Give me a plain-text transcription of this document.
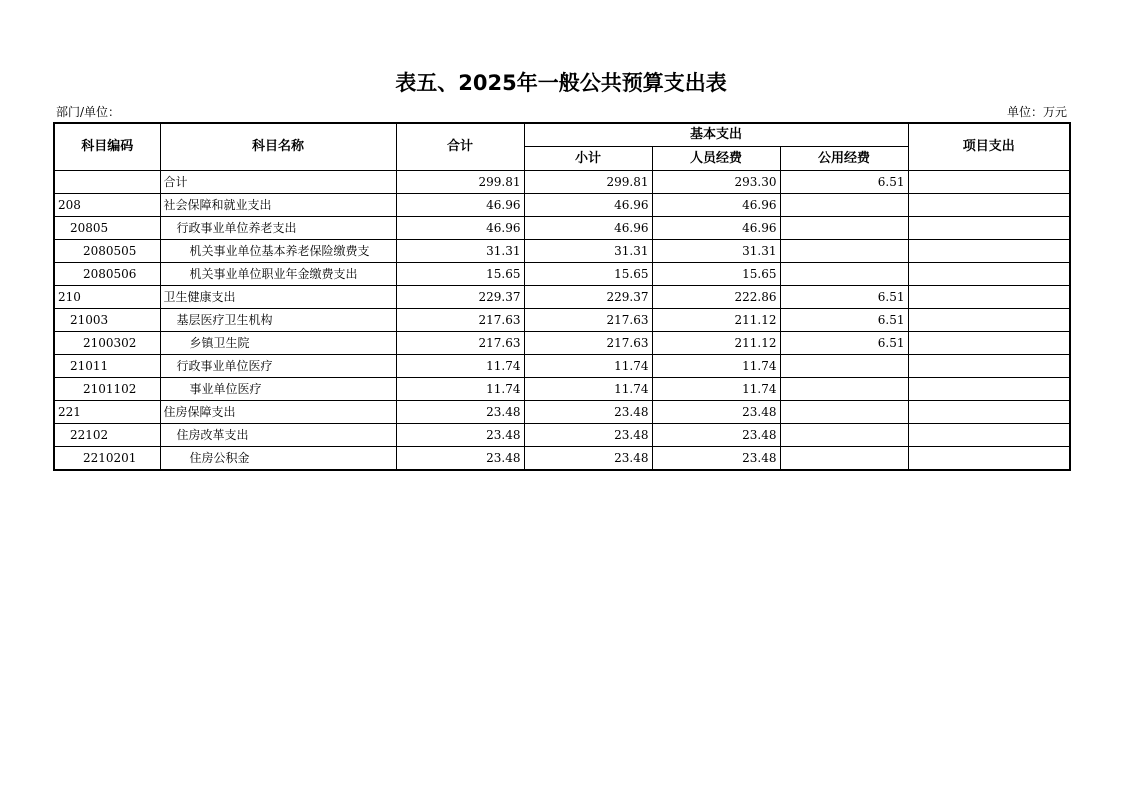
表五、2025年一般公共预算支出表
部门/单位：	单位：万元
科目编码	科目名称	合计	基本支出			项目支出
			小计	人员经费	公用经费	
	合计	299.81	299.81	293.30	6.51	
208	社会保障和就业支出	46.96	46.96	46.96		
20805	行政事业单位养老支出	46.96	46.96	46.96		
2080505	机关事业单位基本养老保险缴费支	31.31	31.31	31.31		
2080506	机关事业单位职业年金缴费支出	15.65	15.65	15.65		
210	卫生健康支出	229.37	229.37	222.86	6.51	
21003	基层医疗卫生机构	217.63	217.63	211.12	6.51	
2100302	乡镇卫生院	217.63	217.63	211.12	6.51	
21011	行政事业单位医疗	11.74	11.74	11.74		
2101102	事业单位医疗	11.74	11.74	11.74		
221	住房保障支出	23.48	23.48	23.48		
22102	住房改革支出	23.48	23.48	23.48		
2210201	住房公积金	23.48	23.48	23.48		
